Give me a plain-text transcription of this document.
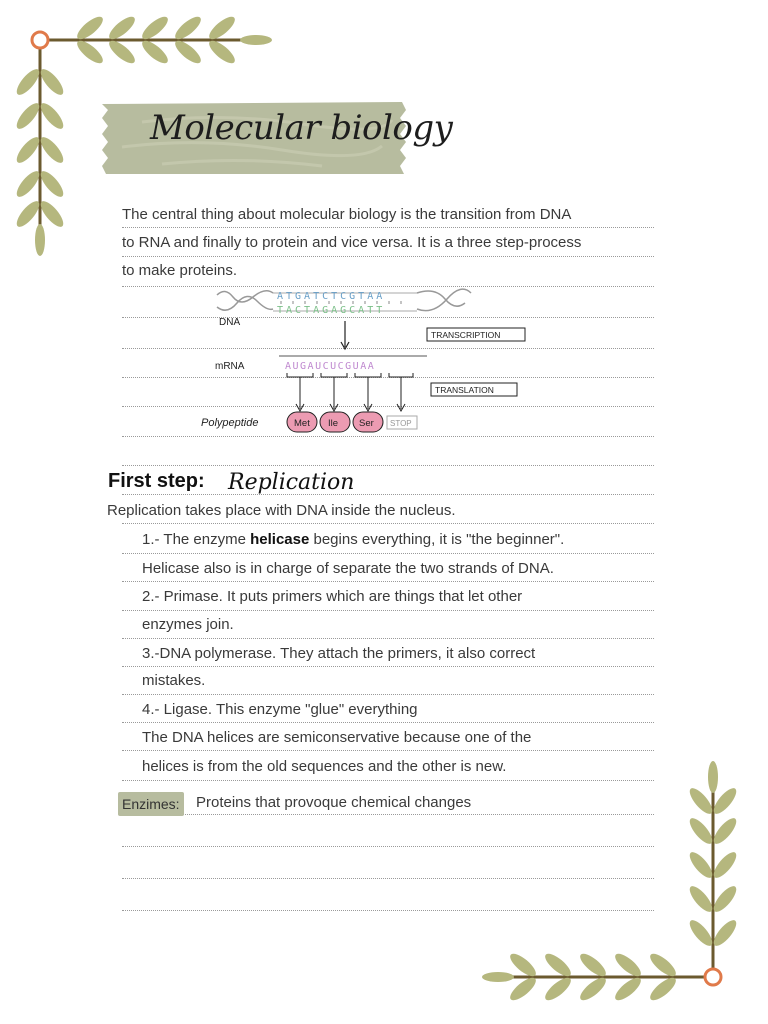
Molecular biology
The central thing about molecular biology is the transition from DNA
to RNA and finally to protein and vice versa. It is a three step-process
to make proteins.
ATGATCTCGTAA
TACTAGAGCATT
DNA
TRANSCRIPTION
mRNA	AUGAUCUCGUAA
TRANSLATION
Polypeptide	Met Ile Ser STOP
First step: Replication
Replication takes place with DNA inside the nucleus.
1.- The enzyme helicase begins everything, it is "the beginner".
Helicase also is in charge of separate the two strands of DNA.
2.- Primase. It puts primers which are things that let other
enzymes join.
3.-DNA polymerase. They attach the primers, it also correct
mistakes.
4.- Ligase. This enzyme "glue" everything
The DNA helices are semiconservative because one of the
helices is from the old sequences and the other is new.
Enzimes: Proteins that provoque chemical changes
